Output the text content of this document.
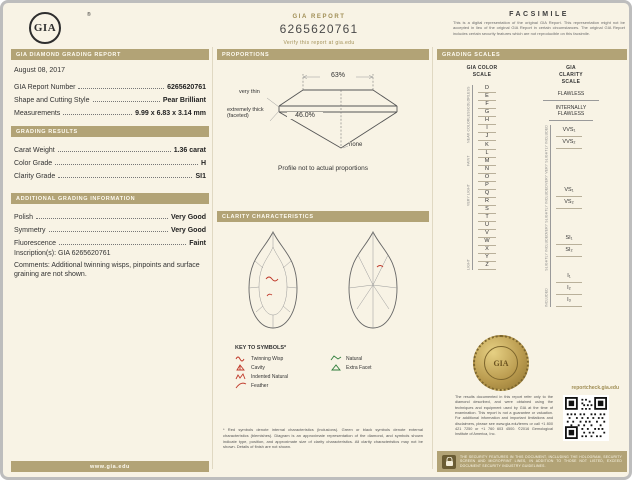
GIA
®	GIA REPORT
6265620761
Verify this report at gia.edu
FACSIMILE
This is a digital representation of the original GIA Report. This representation might not be accepted in lieu of the original GIA Report in certain circumstances. The original GIA Report includes certain security features which are not reproducible on this facsimile.
GIA DIAMOND GRADING REPORT
August 08, 2017
GIA Report Number	6265620761
Shape and Cutting Style	Pear Brilliant
Measurements	9.99 x 6.83 x 3.14 mm
GRADING RESULTS
Carat Weight	1.36 carat
Color Grade	H
Clarity Grade	SI1
ADDITIONAL GRADING INFORMATION
Polish	Very Good
Symmetry	Very Good
Fluorescence	Faint
Inscription(s): GIA 6265620761
Comments: Additional twinning wisps, pinpoints and surface graining are not shown.
www.gia.edu
PROPORTIONS
63%
46.0%
very thin
extremely thick (faceted)
none
Profile not to actual proportions
CLARITY CHARACTERISTICS
KEY TO SYMBOLS*
Twinning Wisp
Cavity
Indented Natural
Feather
Natural
Extra Facet
* Red symbols denote internal characteristics (inclusions). Green or black symbols denote external characteristics (blemishes). Diagram is an approximate representation of the diamond, and symbols shown indicate type, position, and approximate size of clarity characteristics. All clarity characteristics may not be shown. Details of finish are not shown.
GRADING SCALES
GIA COLOR SCALE
COLORLESS	D
E
F
NEAR COLORLESS	G
H
I
J
FAINT
K
L
M
VERY LIGHT
N
O
P
Q
R
LIGHT
S
T
U
V
W
X
Y
Z
GIA CLARITY SCALE
FLAWLESS
INTERNALLY FLAWLESS
VERY VERY SLIGHTLY INCLUDED	VVS₁
VVS₂
VERY SLIGHTLY INCLUDED	VS₁
VS₂
SLIGHTLY INCLUDED	SI₁
SI₂
INCLUDED
I₁
I₂
I₃
GIA
reportcheck.gia.edu
The results documented in this report refer only to the diamond described, and were obtained using the techniques and equipment used by GIA at the time of examination. This report is not a guarantee or valuation. For additional information and important limitations and disclaimers, please see www.gia.edu/terms or call +1 800 421 7250 or +1 760 603 4500. ©2016 Gemological Institute of America, Inc.
THE SECURITY FEATURES IN THIS DOCUMENT, INCLUDING THE HOLOGRAM, SECURITY SCREEN AND MICROPRINT LINES, IN ADDITION TO THOSE NOT LISTED, EXCEED DOCUMENT SECURITY INDUSTRY GUIDELINES.
